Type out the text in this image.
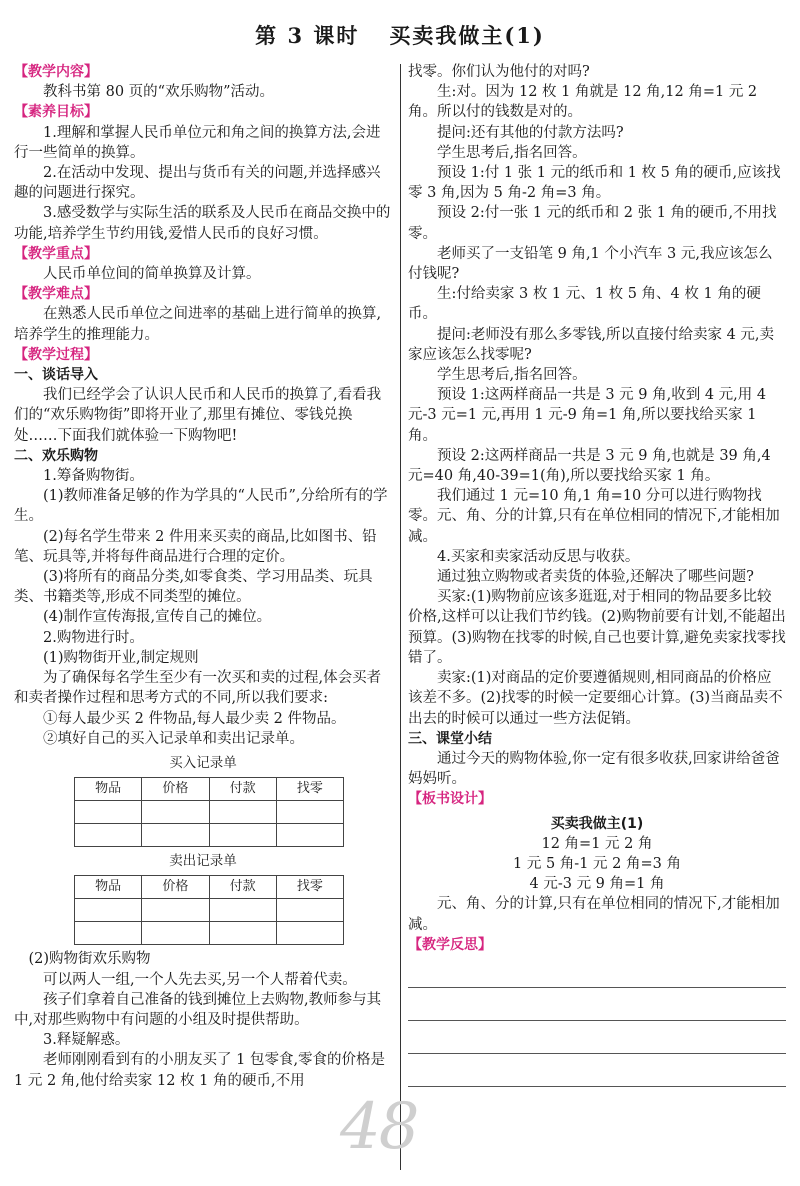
第 3 课时 买卖我做主(1)

【教学内容】

教科书第 80 页的“欢乐购物”活动。

【素养目标】

1.理解和掌握人民币单位元和角之间的换算方法,会进行一些简单的换算。

2.在活动中发现、提出与货币有关的问题,并选择感兴趣的问题进行探究。

3.感受数学与实际生活的联系及人民币在商品交换中的功能,培养学生节约用钱,爱惜人民币的良好习惯。

【教学重点】

人民币单位间的简单换算及计算。

【教学难点】

在熟悉人民币单位之间进率的基础上进行简单的换算,培养学生的推理能力。

【教学过程】

一、谈话导入

我们已经学会了认识人民币和人民币的换算了,看看我们的“欢乐购物街”即将开业了,那里有摊位、零钱兑换处……下面我们就体验一下购物吧!

二、欢乐购物

1.筹备购物街。

(1)教师准备足够的作为学具的“人民币”,分给所有的学生。

(2)每名学生带来 2 件用来买卖的商品,比如图书、铅笔、玩具等,并将每件商品进行合理的定价。

(3)将所有的商品分类,如零食类、学习用品类、玩具类、书籍类等,形成不同类型的摊位。

(4)制作宣传海报,宣传自己的摊位。

2.购物进行时。

(1)购物街开业,制定规则

为了确保每名学生至少有一次买和卖的过程,体会买者和卖者操作过程和思考方式的不同,所以我们要求:

①每人最少买 2 件物品,每人最少卖 2 件物品。

②填好自己的买入记录单和卖出记录单。

买入记录单

物品	价格	付款	找零

卖出记录单

物品	价格	付款	找零

(2)购物街欢乐购物

可以两人一组,一个人先去买,另一个人帮着代卖。

孩子们拿着自己准备的钱到摊位上去购物,教师参与其中,对那些购物中有问题的小组及时提供帮助。

3.释疑解惑。

老师刚刚看到有的小朋友买了 1 包零食,零食的价格是 1 元 2 角,他付给卖家 12 枚 1 角的硬币,不用

找零。你们认为他付的对吗?

生:对。因为 12 枚 1 角就是 12 角,12 角=1 元 2 角。所以付的钱数是对的。

提问:还有其他的付款方法吗?

学生思考后,指名回答。

预设 1:付 1 张 1 元的纸币和 1 枚 5 角的硬币,应该找零 3 角,因为 5 角-2 角=3 角。

预设 2:付一张 1 元的纸币和 2 张 1 角的硬币,不用找零。

老师买了一支铅笔 9 角,1 个小汽车 3 元,我应该怎么付钱呢?

生:付给卖家 3 枚 1 元、1 枚 5 角、4 枚 1 角的硬币。

提问:老师没有那么多零钱,所以直接付给卖家 4 元,卖家应该怎么找零呢?

学生思考后,指名回答。

预设 1:这两样商品一共是 3 元 9 角,收到 4 元,用 4 元-3 元=1 元,再用 1 元-9 角=1 角,所以要找给买家 1 角。

预设 2:这两样商品一共是 3 元 9 角,也就是 39 角,4 元=40 角,40-39=1(角),所以要找给买家 1 角。

我们通过 1 元=10 角,1 角=10 分可以进行购物找零。元、角、分的计算,只有在单位相同的情况下,才能相加减。

4.买家和卖家活动反思与收获。

通过独立购物或者卖货的体验,还解决了哪些问题?

买家:(1)购物前应该多逛逛,对于相同的物品要多比较价格,这样可以让我们节约钱。(2)购物前要有计划,不能超出预算。(3)购物在找零的时候,自己也要计算,避免卖家找零找错了。

卖家:(1)对商品的定价要遵循规则,相同商品的价格应该差不多。(2)找零的时候一定要细心计算。(3)当商品卖不出去的时候可以通过一些方法促销。

三、课堂小结

通过今天的购物体验,你一定有很多收获,回家讲给爸爸妈妈听。

【板书设计】

买卖我做主(1)

12 角=1 元 2 角

1 元 5 角-1 元 2 角=3 角

4 元-3 元 9 角=1 角

元、角、分的计算,只有在单位相同的情况下,才能相加减。

【教学反思】

48
